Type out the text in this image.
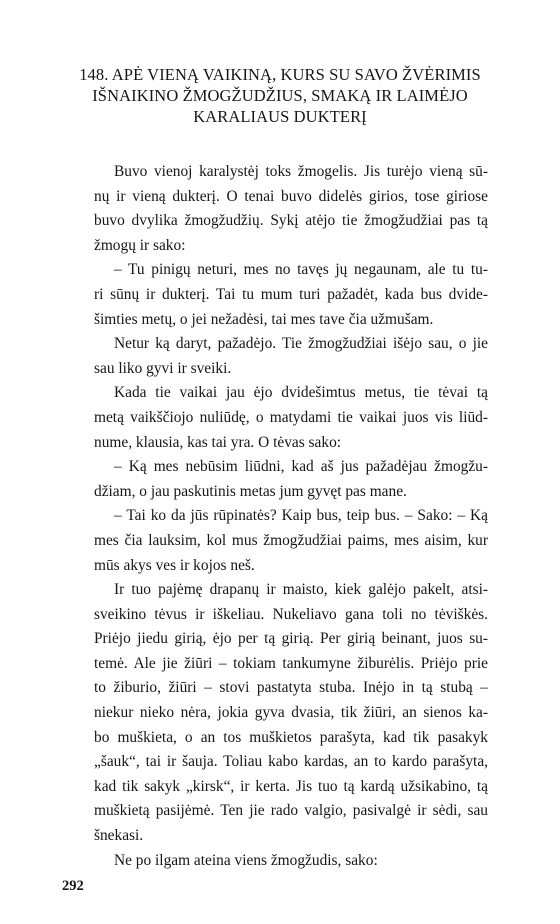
148. APĖ VIENĄ VAIKINĄ, KURS SU SAVO ŽVĖRIMIS
IŠNAIKINO ŽMOGŽUDŽIUS, SMAKĄ IR LAIMĖJO
KARALIAUS DUKTERĮ

Buvo vienoj karalystėj toks žmogelis. Jis turėjo vieną sū-
nų ir vieną dukterį. O tenai buvo didelės girios, tose giriose
buvo dvylika žmogžudžių. Sykį atėjo tie žmogžudžiai pas tą
žmogų ir sako:

– Tu pinigų neturi, mes no tavęs jų negaunam, ale tu tu-
ri sūnų ir dukterį. Tai tu mum turi pažadėt, kada bus dvide-
šimties metų, o jei nežadėsi, tai mes tave čia užmušam.

Netur ką daryt, pažadėjo. Tie žmogžudžiai išėjo sau, o jie
sau liko gyvi ir sveiki.

Kada tie vaikai jau ėjo dvidešimtus metus, tie tėvai tą
metą vaikščiojo nuliūdę, o matydami tie vaikai juos vis liūd-
nume, klausia, kas tai yra. O tėvas sako:

– Ką mes nebūsim liūdni, kad aš jus pažadėjau žmogžu-
džiam, o jau paskutinis metas jum gyvęt pas mane.

– Tai ko da jūs rūpinatės? Kaip bus, teip bus. – Sako: – Ką
mes čia lauksim, kol mus žmogžudžiai paims, mes aisim, kur
mūs akys ves ir kojos neš.

Ir tuo pajėmę drapanų ir maisto, kiek galėjo pakelt, atsi-
sveikino tėvus ir iškeliau. Nukeliavo gana toli no tėviškės.
Priėjo jiedu girią, ėjo per tą girią. Per girią beinant, juos su-
temė. Ale jie žiūri – tokiam tankumyne žiburėlis. Priėjo prie
to žiburio, žiūri – stovi pastatyta stuba. Inėjo in tą stubą –
niekur nieko nėra, jokia gyva dvasia, tik žiūri, an sienos ka-
bo muškieta, o an tos muškietos parašyta, kad tik pasakyk
„šauk“, tai ir šauja. Toliau kabo kardas, an to kardo parašyta,
kad tik sakyk „kirsk“, ir kerta. Jis tuo tą kardą užsikabino, tą
muškietą pasijėmė. Ten jie rado valgio, pasivalgė ir sėdi, sau
šnekasi.

Ne po ilgam ateina viens žmogžudis, sako:

292
